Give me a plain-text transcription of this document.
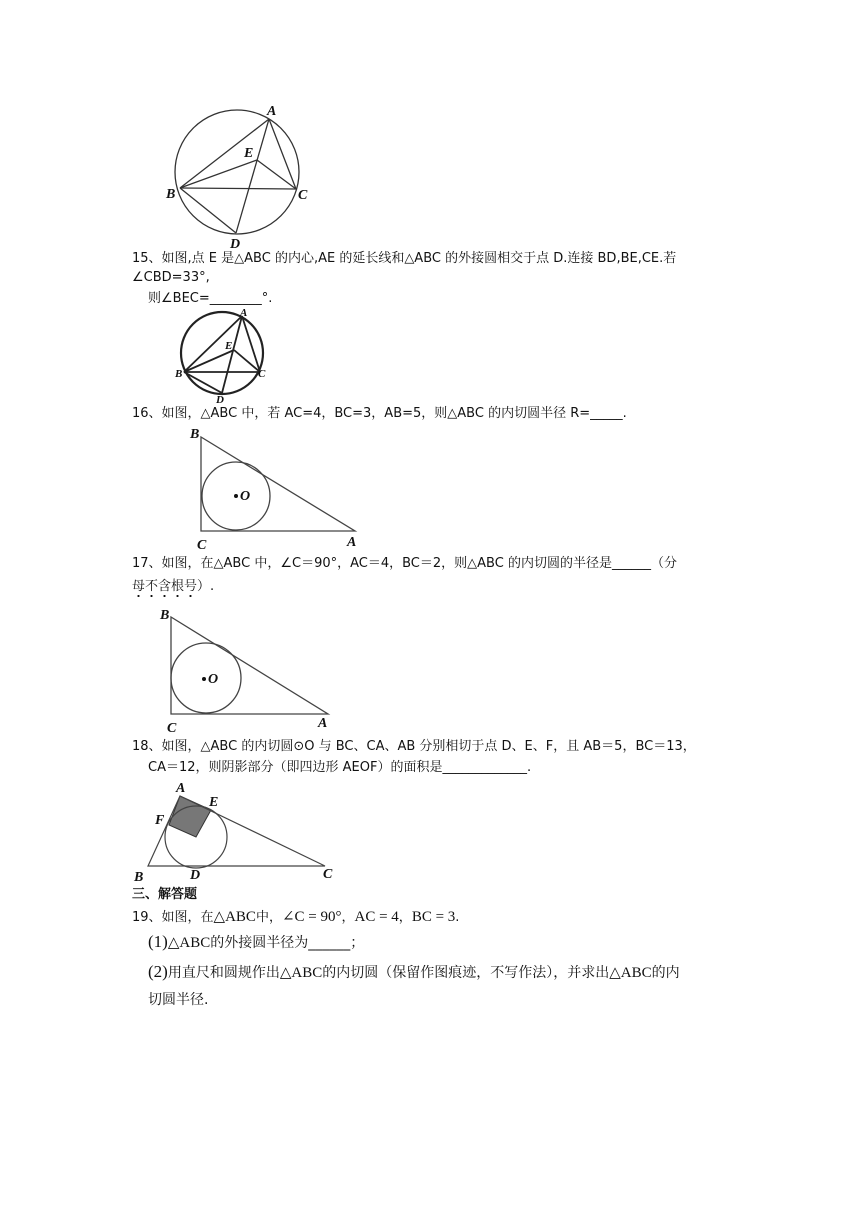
A
E
B	C
D
15、如图,点 E 是△ABC 的内心,AE 的延长线和△ABC 的外接圆相交于点 D.连接 BD,BE,CE.若
∠CBD=33°,
则∠BEC=________°.
A
E
B	C
D
16、如图，△ABC 中，若 AC=4，BC=3，AB=5，则△ABC 的内切圆半径 R=_____.
B
O
C	A
17、如图，在△ABC 中，∠C＝90°，AC＝4，BC＝2，则△ABC 的内切圆的半径是______（分
母不含根号）.
B
O
C	A
18、如图，△ABC 的内切圆⊙O 与 BC、CA、AB 分别相切于点 D、E、F，且 AB＝5，BC＝13，
CA＝12，则阴影部分（即四边形 AEOF）的面积是_____________.
A
E
F
B	D	C
三、解答题
19、如图，在△ABC中，∠C = 90°，AC = 4，BC = 3.
(1)△ABC的外接圆半径为______；
(2)用直尺和圆规作出△ABC的内切圆（保留作图痕迹，不写作法），并求出△ABC的内
切圆半径.
